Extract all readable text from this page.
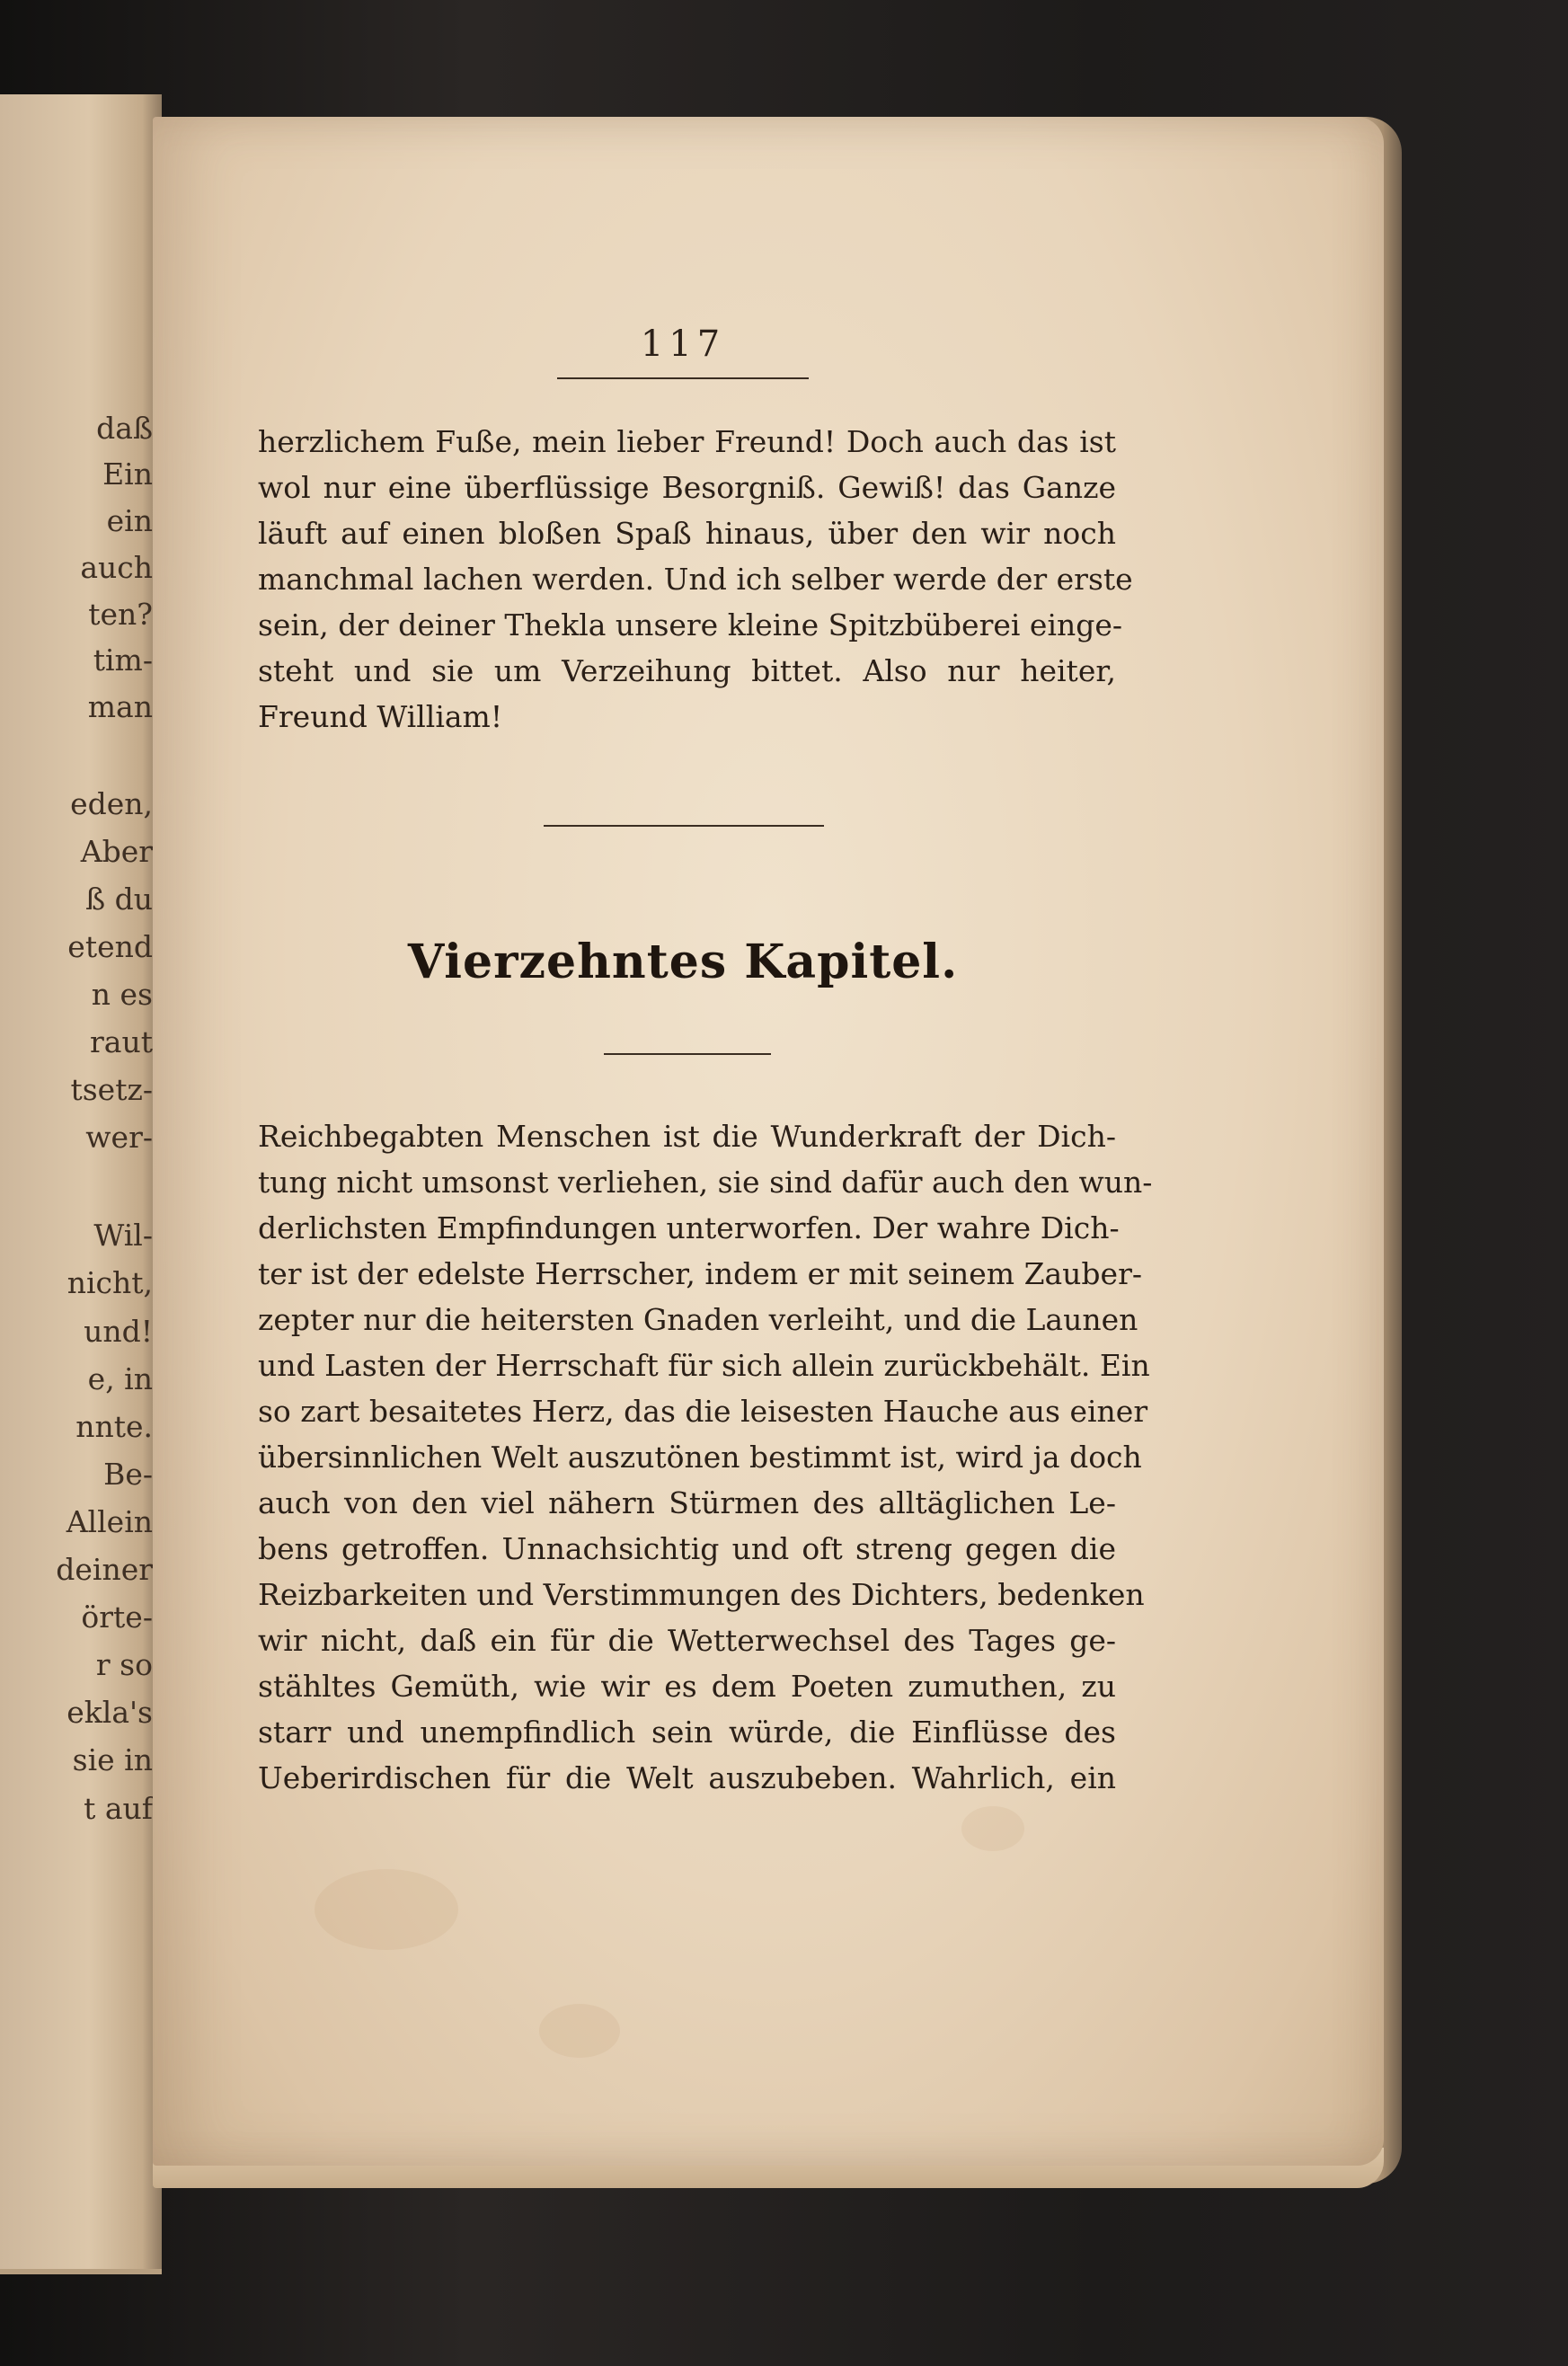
daß
Ein
ein
auch
ten?
tim-
man
eden,
Aber
ß du
etend
n es
raut
tsetz-
wer-
Wil-
nicht,
und!
e, in
nnte.
Be-
Allein
deiner
örte-
r so
ekla's
sie in
t auf
117
herzlichem Fuße, mein lieber Freund! Doch auch das ist
wol nur eine überflüssige Besorgniß. Gewiß! das Ganze
läuft auf einen bloßen Spaß hinaus, über den wir noch
manchmal lachen werden. Und ich selber werde der erste
sein, der deiner Thekla unsere kleine Spitzbüberei einge-
steht und sie um Verzeihung bittet. Also nur heiter,
Freund William!
Vierzehntes Kapitel.
Reichbegabten Menschen ist die Wunderkraft der Dich-
tung nicht umsonst verliehen, sie sind dafür auch den wun-
derlichsten Empfindungen unterworfen. Der wahre Dich-
ter ist der edelste Herrscher, indem er mit seinem Zauber-
zepter nur die heitersten Gnaden verleiht, und die Launen
und Lasten der Herrschaft für sich allein zurückbehält. Ein
so zart besaitetes Herz, das die leisesten Hauche aus einer
übersinnlichen Welt auszutönen bestimmt ist, wird ja doch
auch von den viel nähern Stürmen des alltäglichen Le-
bens getroffen. Unnachsichtig und oft streng gegen die
Reizbarkeiten und Verstimmungen des Dichters, bedenken
wir nicht, daß ein für die Wetterwechsel des Tages ge-
stähltes Gemüth, wie wir es dem Poeten zumuthen, zu
starr und unempfindlich sein würde, die Einflüsse des
Ueberirdischen für die Welt auszubeben. Wahrlich, ein
